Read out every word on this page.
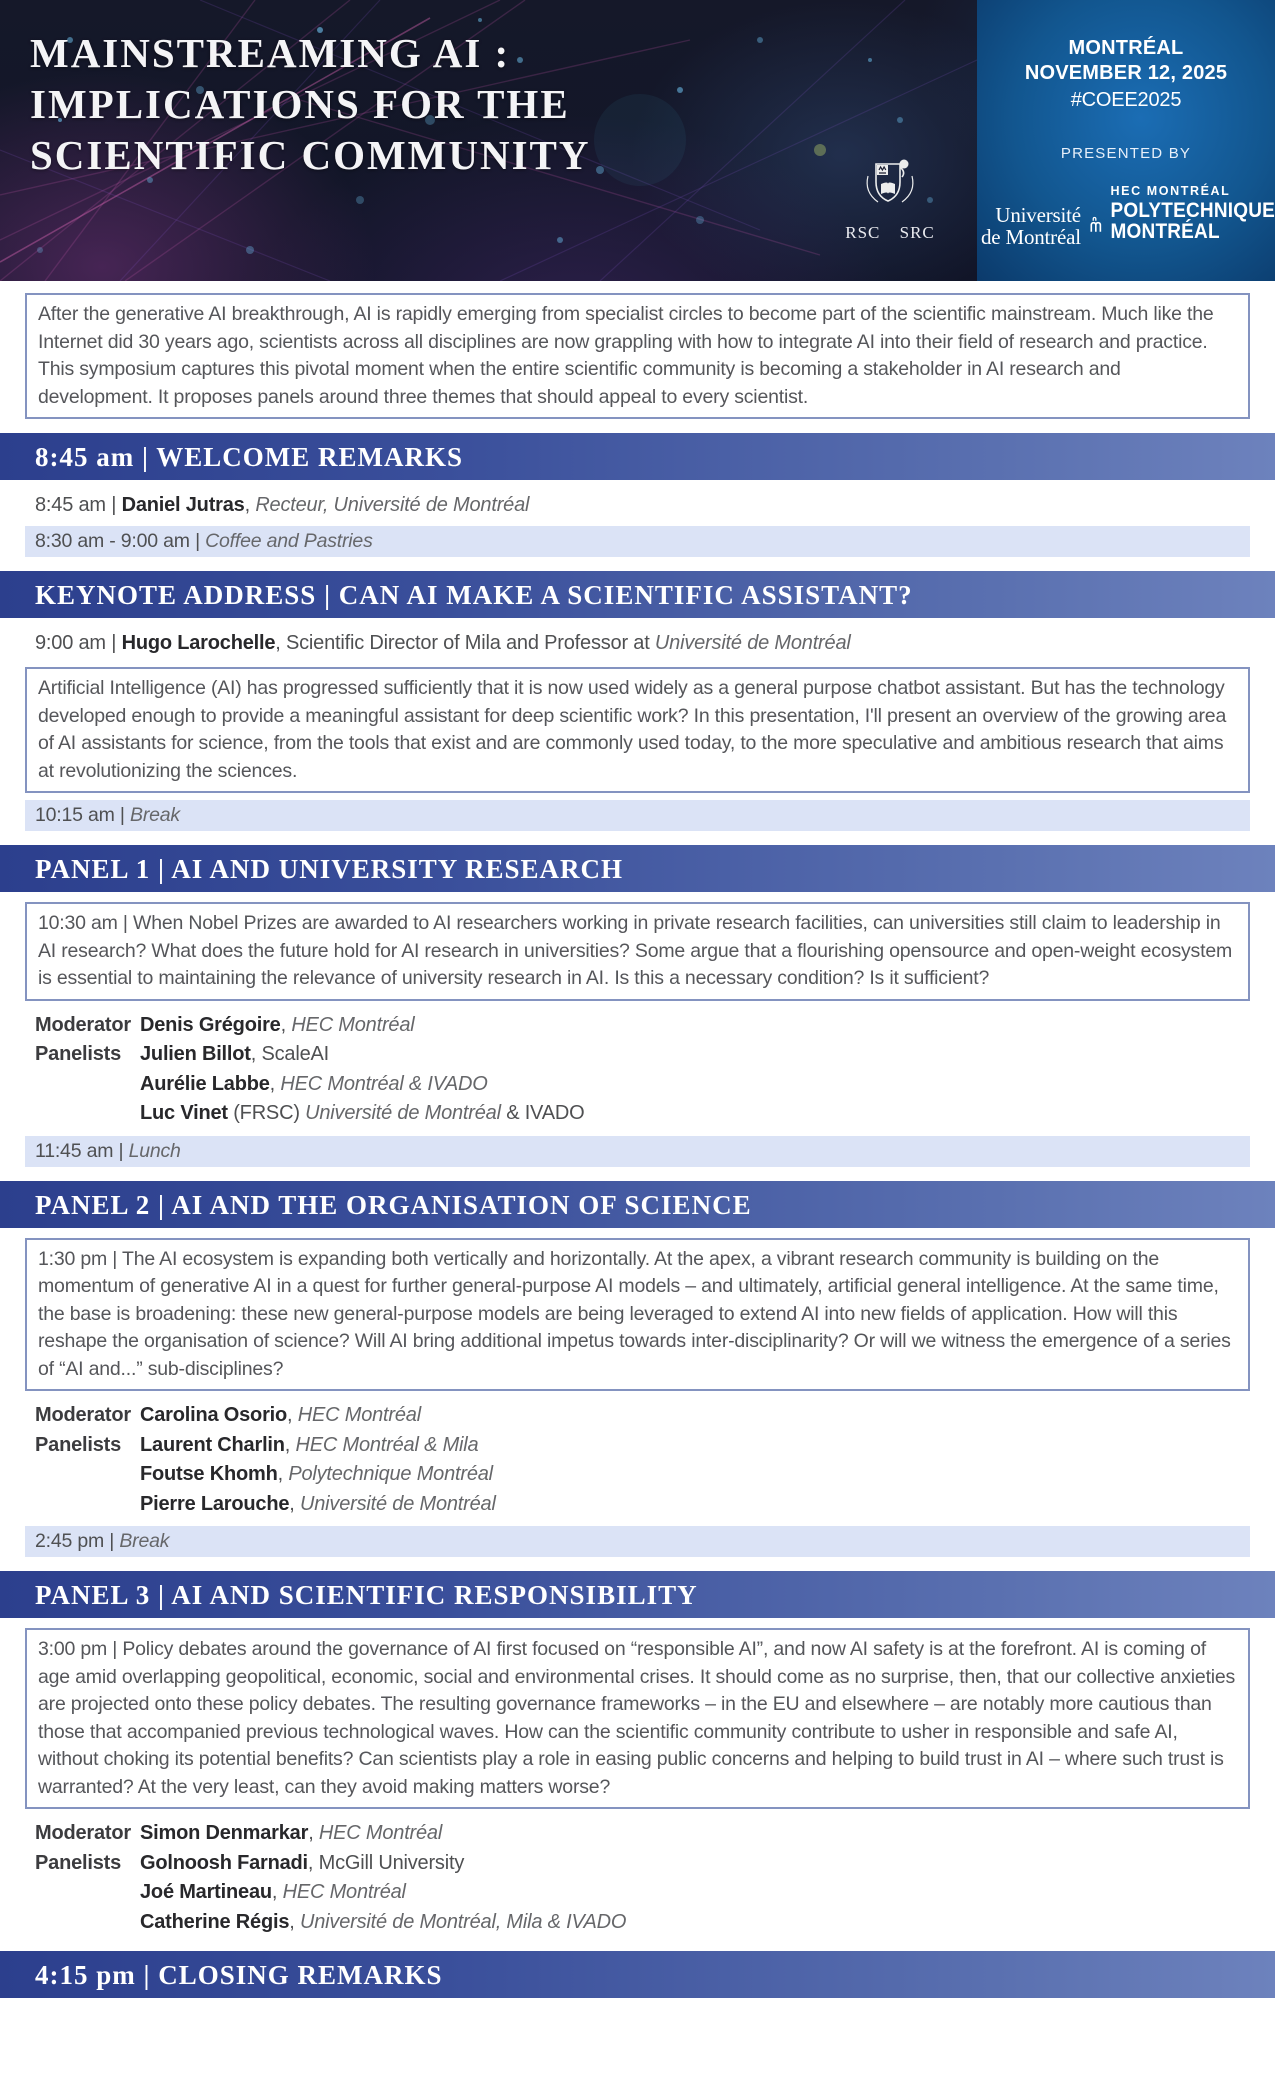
MAINSTREAMING AI :
IMPLICATIONS FOR THE
SCIENTIFIC COMMUNITY
RSC SRC
MONTRÉAL
NOVEMBER 12, 2025
#COEE2025
PRESENTED BY
Université
de Montréal
HEC MONTRÉAL
POLYTECHNIQUE
MONTRÉAL
After the generative AI breakthrough, AI is rapidly emerging from specialist circles to become part of the scientific mainstream. Much like the Internet did 30 years ago, scientists across all disciplines are now grappling with how to integrate AI into their field of research and practice. This symposium captures this pivotal moment when the entire scientific community is becoming a stakeholder in AI research and development. It proposes panels around three themes that should appeal to every scientist.
8:45 am | WELCOME REMARKS
8:45 am | Daniel Jutras, Recteur, Université de Montréal
8:30 am - 9:00 am | Coffee and Pastries
KEYNOTE ADDRESS | CAN AI MAKE A SCIENTIFIC ASSISTANT?
9:00 am | Hugo Larochelle, Scientific Director of Mila and Professor at Université de Montréal
Artificial Intelligence (AI) has progressed sufficiently that it is now used widely as a general purpose chatbot assistant. But has the technology developed enough to provide a meaningful assistant for deep scientific work? In this presentation, I'll present an overview of the growing area of AI assistants for science, from the tools that exist and are commonly used today, to the more speculative and ambitious research that aims at revolutionizing the sciences.
10:15 am | Break
PANEL 1 | AI AND UNIVERSITY RESEARCH
10:30 am | When Nobel Prizes are awarded to AI researchers working in private research facilities, can universities still claim to leadership in AI research? What does the future hold for AI research in universities? Some argue that a flourishing opensource and open-weight ecosystem is essential to maintaining the relevance of university research in AI. Is this a necessary condition? Is it sufficient?
Moderator Denis Grégoire, HEC Montréal
Panelists Julien Billot, ScaleAI
Aurélie Labbe, HEC Montréal & IVADO
Luc Vinet (FRSC) Université de Montréal & IVADO
11:45 am | Lunch
PANEL 2 | AI AND THE ORGANISATION OF SCIENCE
1:30 pm | The AI ecosystem is expanding both vertically and horizontally. At the apex, a vibrant research community is building on the momentum of generative AI in a quest for further general-purpose AI models – and ultimately, artificial general intelligence. At the same time, the base is broadening: these new general-purpose models are being leveraged to extend AI into new fields of application. How will this reshape the organisation of science? Will AI bring additional impetus towards inter-disciplinarity? Or will we witness the emergence of a series of “AI and...” sub-disciplines?
Moderator Carolina Osorio, HEC Montréal
Panelists Laurent Charlin, HEC Montréal & Mila
Foutse Khomh, Polytechnique Montréal
Pierre Larouche, Université de Montréal
2:45 pm | Break
PANEL 3 | AI AND SCIENTIFIC RESPONSIBILITY
3:00 pm | Policy debates around the governance of AI first focused on “responsible AI”, and now AI safety is at the forefront. AI is coming of age amid overlapping geopolitical, economic, social and environmental crises. It should come as no surprise, then, that our collective anxieties are projected onto these policy debates. The resulting governance frameworks – in the EU and elsewhere – are notably more cautious than those that accompanied previous technological waves. How can the scientific community contribute to usher in responsible and safe AI, without choking its potential benefits? Can scientists play a role in easing public concerns and helping to build trust in AI – where such trust is warranted? At the very least, can they avoid making matters worse?
Moderator Simon Denmarkar, HEC Montréal
Panelists Golnoosh Farnadi, McGill University
Joé Martineau, HEC Montréal
Catherine Régis, Université de Montréal, Mila & IVADO
4:15 pm | CLOSING REMARKS
